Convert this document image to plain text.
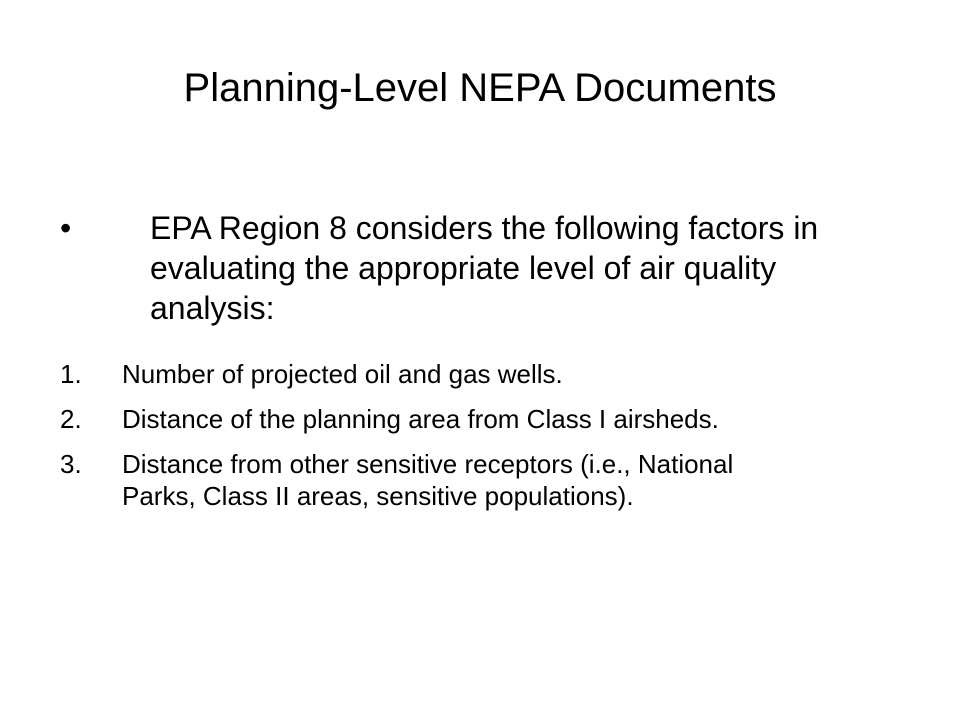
Planning-Level NEPA Documents
• EPA Region 8 considers the following factors in evaluating the appropriate level of air quality analysis:
1.	Number of projected oil and gas wells.
2.	Distance of the planning area from Class I airsheds.
3.	Distance from other sensitive receptors (i.e., National Parks, Class II areas, sensitive populations).
